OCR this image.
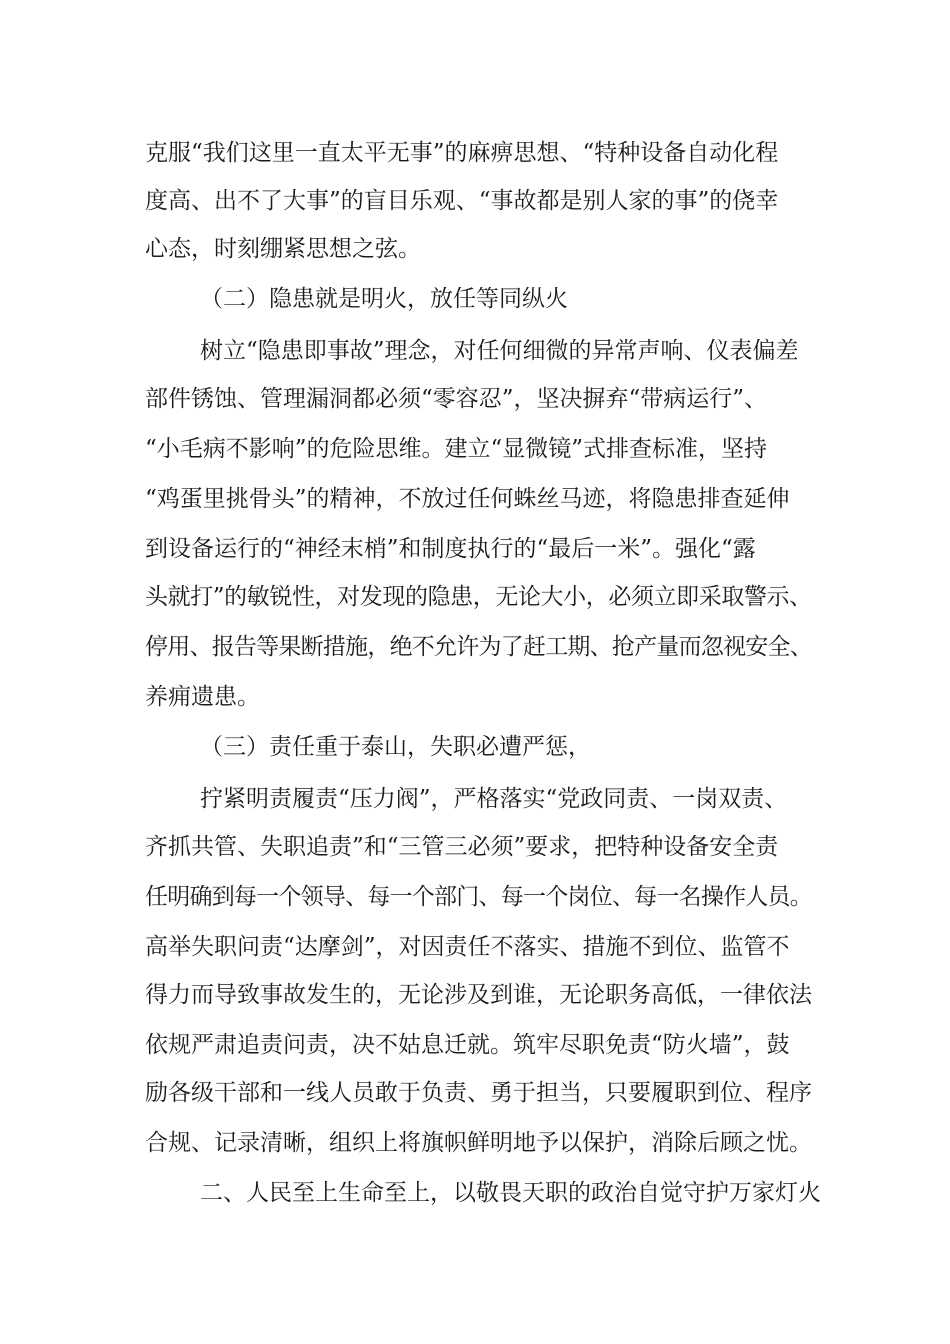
克服“我们这里一直太平无事”的麻痹思想、“特种设备自动化程
度高、出不了大事”的盲目乐观、“事故都是别人家的事”的侥幸
心态，时刻绷紧思想之弦。
（二）隐患就是明火，放任等同纵火
树立“隐患即事故”理念，对任何细微的异常声响、仪表偏差
部件锈蚀、管理漏洞都必须“零容忍”，坚决摒弃“带病运行”、
“小毛病不影响”的危险思维。建立“显微镜”式排查标准，坚持
“鸡蛋里挑骨头”的精神，不放过任何蛛丝马迹，将隐患排查延伸
到设备运行的“神经末梢”和制度执行的“最后一米”。强化“露
头就打”的敏锐性，对发现的隐患，无论大小，必须立即采取警示、
停用、报告等果断措施，绝不允许为了赶工期、抢产量而忽视安全、
养痈遗患。
（三）责任重于泰山，失职必遭严惩，
拧紧明责履责“压力阀”，严格落实“党政同责、一岗双责、
齐抓共管、失职追责”和“三管三必须”要求，把特种设备安全责
任明确到每一个领导、每一个部门、每一个岗位、每一名操作人员。
高举失职问责“达摩剑”，对因责任不落实、措施不到位、监管不
得力而导致事故发生的，无论涉及到谁，无论职务高低，一律依法
依规严肃追责问责，决不姑息迁就。筑牢尽职免责“防火墙”，鼓
励各级干部和一线人员敢于负责、勇于担当，只要履职到位、程序
合规、记录清晰，组织上将旗帜鲜明地予以保护，消除后顾之忧。
二、人民至上生命至上，以敬畏天职的政治自觉守护万家灯火
